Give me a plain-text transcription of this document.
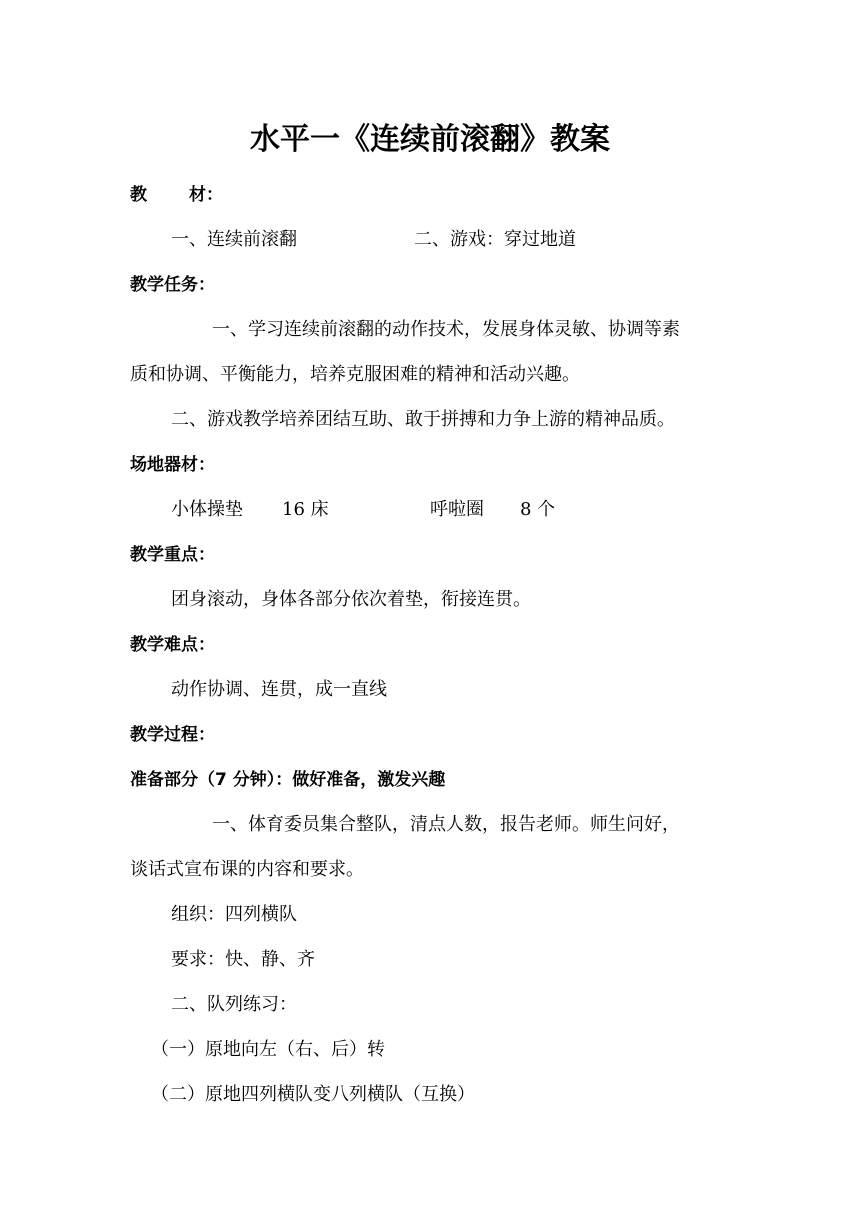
水平一《连续前滚翻》教案
教 材：
一、连续前滚翻	二、游戏：穿过地道
教学任务：
一、学习连续前滚翻的动作技术，发展身体灵敏、协调等素
质和协调、平衡能力，培养克服困难的精神和活动兴趣。
二、游戏教学培养团结互助、敢于拼搏和力争上游的精神品质。
场地器材：
小体操垫 16 床	呼啦圈 8 个
教学重点：
团身滚动，身体各部分依次着垫，衔接连贯。
教学难点：
动作协调、连贯，成一直线
教学过程：
准备部分（7 分钟）：做好准备，激发兴趣
一、体育委员集合整队，清点人数，报告老师。师生问好，
谈话式宣布课的内容和要求。
组织：四列横队
要求：快、静、齐
二、队列练习：
（一）原地向左（右、后）转
（二）原地四列横队变八列横队（互换）
